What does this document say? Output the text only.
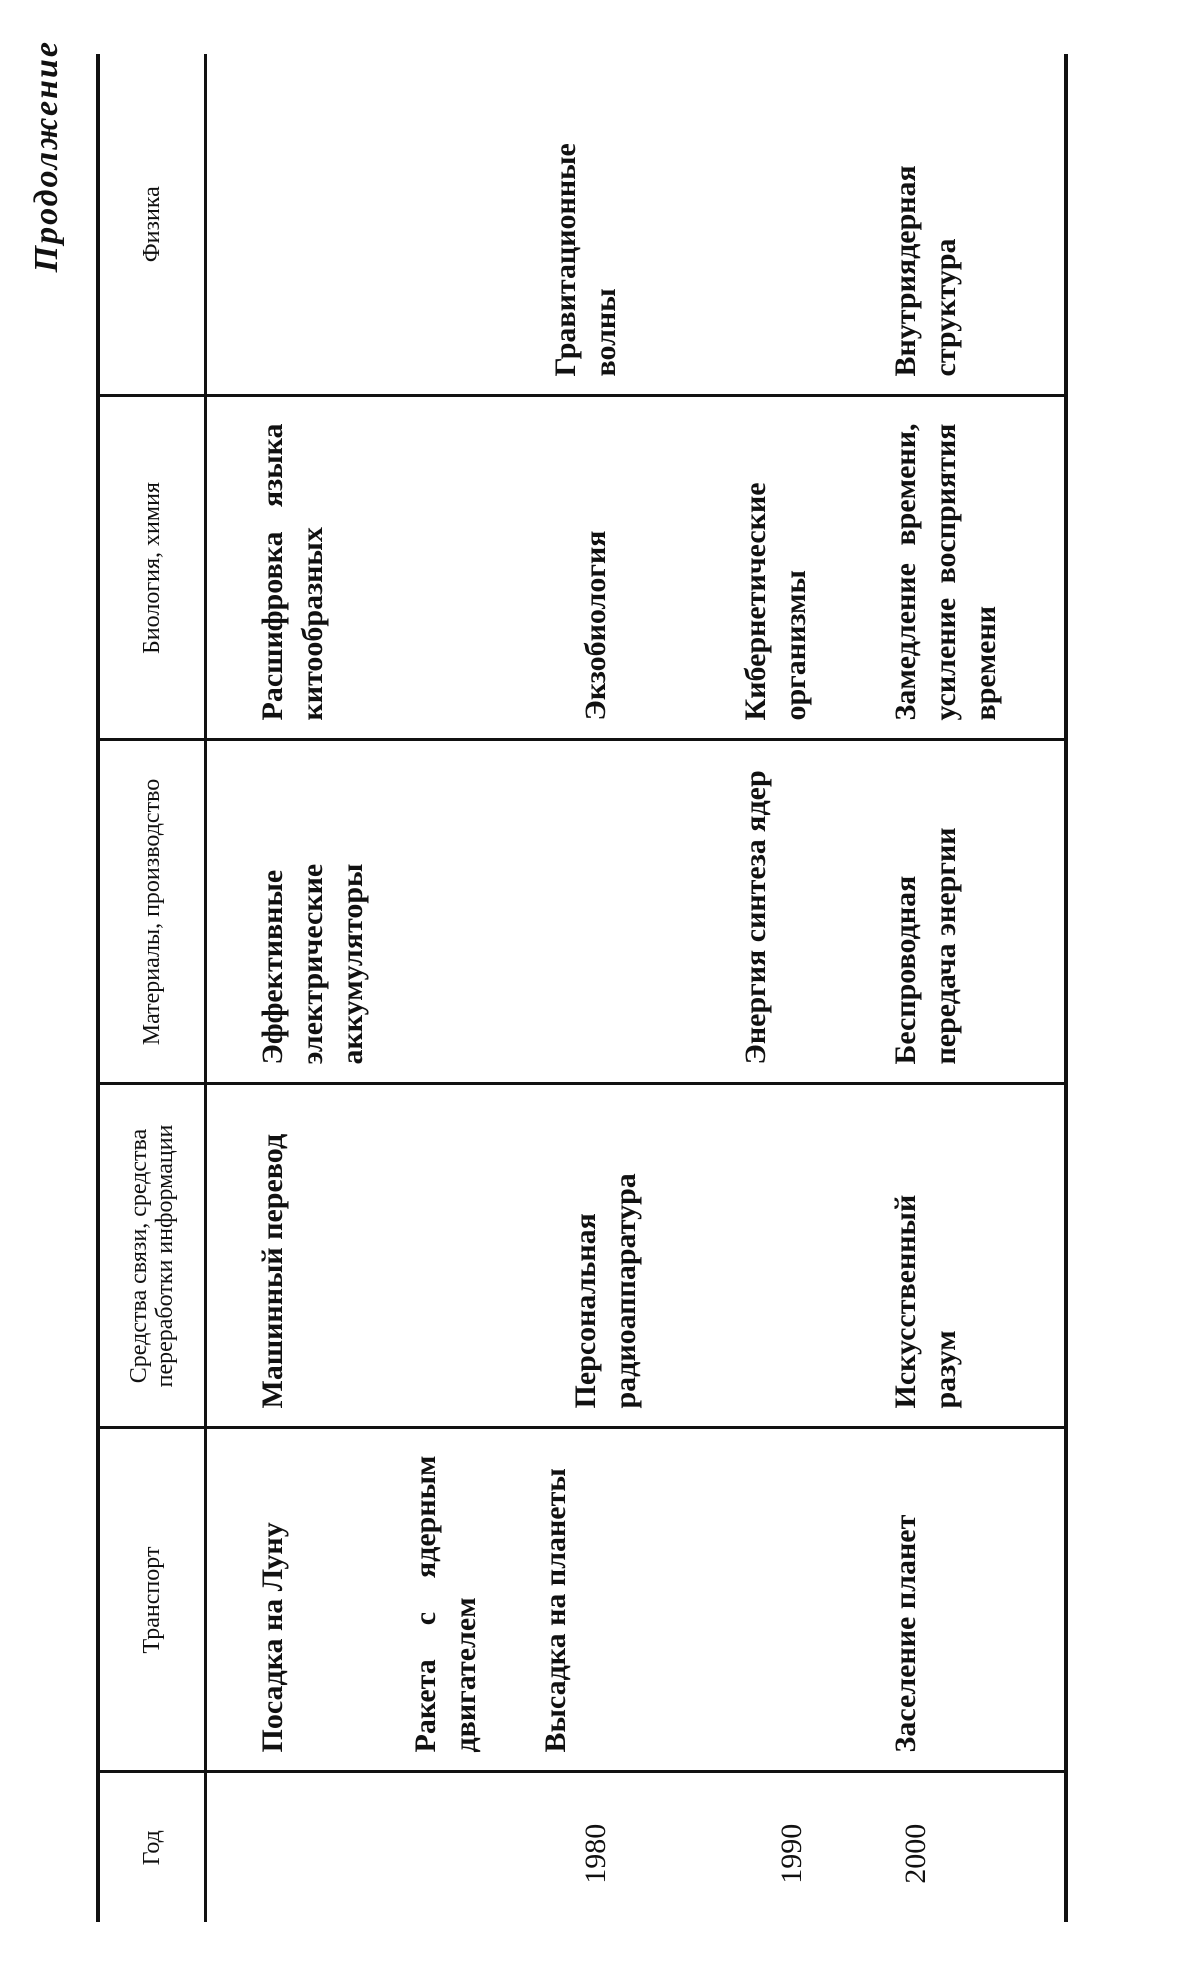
Продолжение
Год	Транспорт	Средства связи, средства переработки информации	Материалы, производство	Биология, химия	Физика

	Посадка на Луну	Машинный перевод	Эффективные электрические аккумуляторы	Расшифровка языка китообразных	

	Ракета с ядерным двигателем				

1980	Высадка на планеты	Персональная радиоаппаратура		Экзобиология	Гравитационные волны

1990			Энергия синтеза ядер	Кибернетические организмы	

2000	Заселение планет	Искусственный разум	Беспроводная передача энергии	Замедление времени, усиление восприятия времени	Внутриядерная структура
